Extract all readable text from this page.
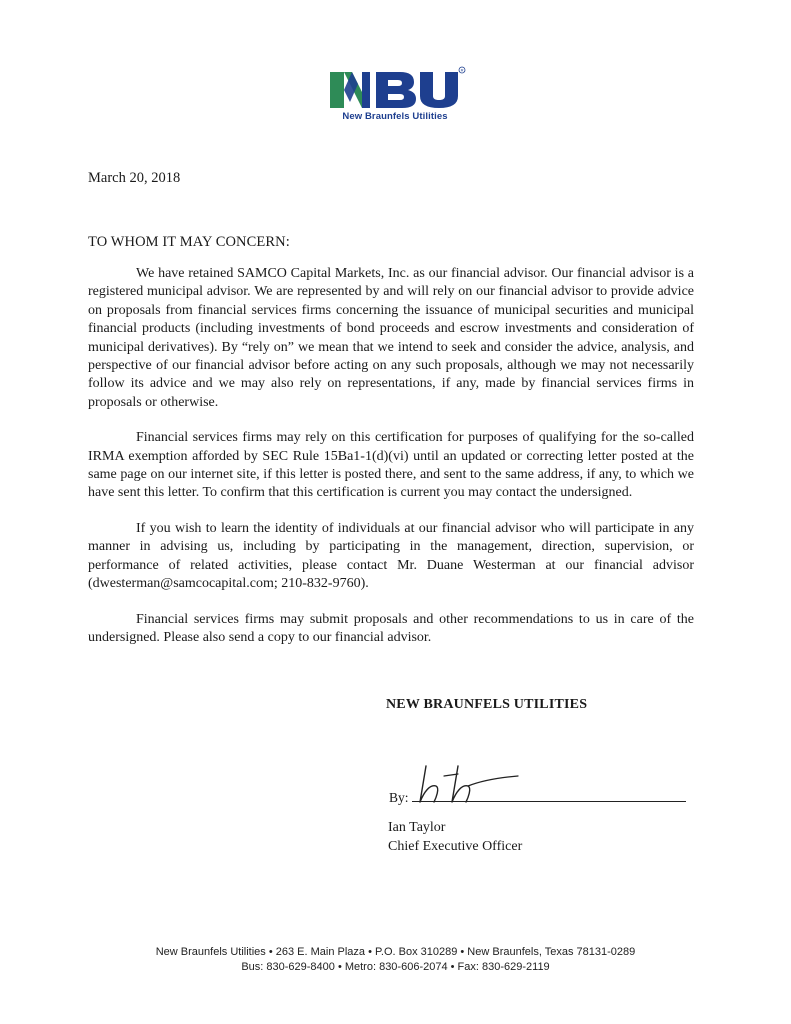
R
New Braunfels Utilities
March 20, 2018
TO WHOM IT MAY CONCERN:

We have retained SAMCO Capital Markets, Inc. as our financial advisor. Our financial advisor is a registered municipal advisor. We are represented by and will rely on our financial advisor to provide advice on proposals from financial services firms concerning the issuance of municipal securities and municipal financial products (including investments of bond proceeds and escrow investments and consideration of municipal derivatives). By “rely on” we mean that we intend to seek and consider the advice, analysis, and perspective of our financial advisor before acting on any such proposals, although we may not necessarily follow its advice and we may also rely on representations, if any, made by financial services firms in proposals or otherwise.

Financial services firms may rely on this certification for purposes of qualifying for the so-called IRMA exemption afforded by SEC Rule 15Ba1-1(d)(vi) until an updated or correcting letter posted at the same page on our internet site, if this letter is posted there, and sent to the same address, if any, to which we have sent this letter. To confirm that this certification is current you may contact the undersigned.

If you wish to learn the identity of individuals at our financial advisor who will participate in any manner in advising us, including by participating in the management, direction, supervision, or performance of related activities, please contact Mr. Duane Westerman at our financial advisor (dwesterman@samcocapital.com; 210-832-9760).

Financial services firms may submit proposals and other recommendations to us in care of the undersigned. Please also send a copy to our financial advisor.

NEW BRAUNFELS UTILITIES
By:
Ian Taylor
Chief Executive Officer
New Braunfels Utilities • 263 E. Main Plaza • P.O. Box 310289 • New Braunfels, Texas 78131-0289
Bus: 830-629-8400 • Metro: 830-606-2074 • Fax: 830-629-2119
